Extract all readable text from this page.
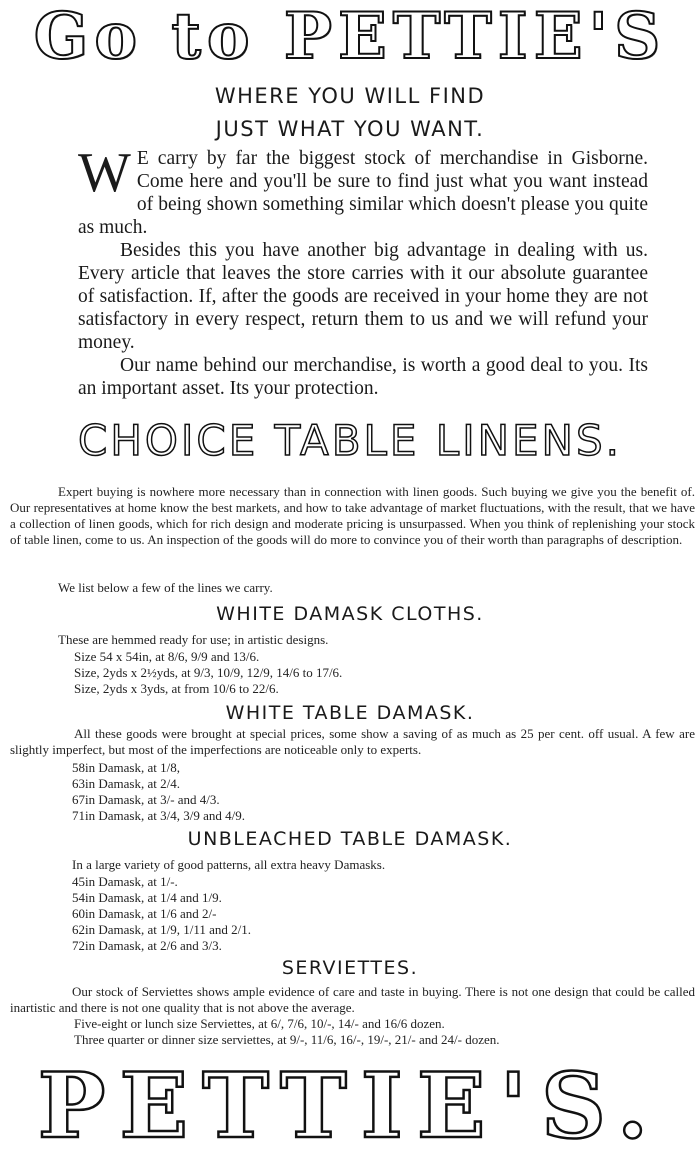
Go to PETTIE'S
WHERE YOU WILL FIND
JUST WHAT YOU WANT.

W E carry by far the biggest stock of merchandise in Gisborne. Come here and you'll be sure to find just what you want instead of being shown something similar which doesn't please you quite as much.

Besides this you have another big advantage in dealing with us. Every article that leaves the store carries with it our absolute guarantee of satisfaction. If, after the goods are received in your home they are not satisfactory in every respect, return them to us and we will refund your money.

Our name behind our merchandise, is worth a good deal to you. Its an important asset. Its your protection.

CHOICE TABLE LINENS.

Expert buying is nowhere more necessary than in connection with linen goods. Such buying we give you the benefit of. Our representatives at home know the best markets, and how to take advantage of market fluctuations, with the result, that we have a collection of linen goods, which for rich design and moderate pricing is unsurpassed. When you think of replenishing your stock of table linen, come to us. An inspection of the goods will do more to convince you of their worth than paragraphs of description.

We list below a few of the lines we carry.
WHITE DAMASK CLOTHS.

These are hemmed ready for use; in artistic designs.

Size 54 x 54in, at 8/6, 9/9 and 13/6.

Size, 2yds x 2½yds, at 9/3, 10/9, 12/9, 14/6 to 17/6.

Size, 2yds x 3yds, at from 10/6 to 22/6.

WHITE TABLE DAMASK.

All these goods were brought at special prices, some show a saving of as much as 25 per cent. off usual. A few are slightly imperfect, but most of the imperfections are noticeable only to experts.

58in Damask, at 1/8,

63in Damask, at 2/4.

67in Damask, at 3/- and 4/3.

71in Damask, at 3/4, 3/9 and 4/9.

UNBLEACHED TABLE DAMASK.

In a large variety of good patterns, all extra heavy Damasks.

45in Damask, at 1/-.

54in Damask, at 1/4 and 1/9.

60in Damask, at 1/6 and 2/-

62in Damask, at 1/9, 1/11 and 2/1.

72in Damask, at 2/6 and 3/3.

SERVIETTES.

Our stock of Serviettes shows ample evidence of care and taste in buying. There is not one design that could be called inartistic and there is not one quality that is not above the average.

Five-eight or lunch size Serviettes, at 6/, 7/6, 10/-, 14/- and 16/6 dozen.

Three quarter or dinner size serviettes, at 9/-, 11/6, 16/-, 19/-, 21/- and 24/- dozen.

PETTIE'S.
